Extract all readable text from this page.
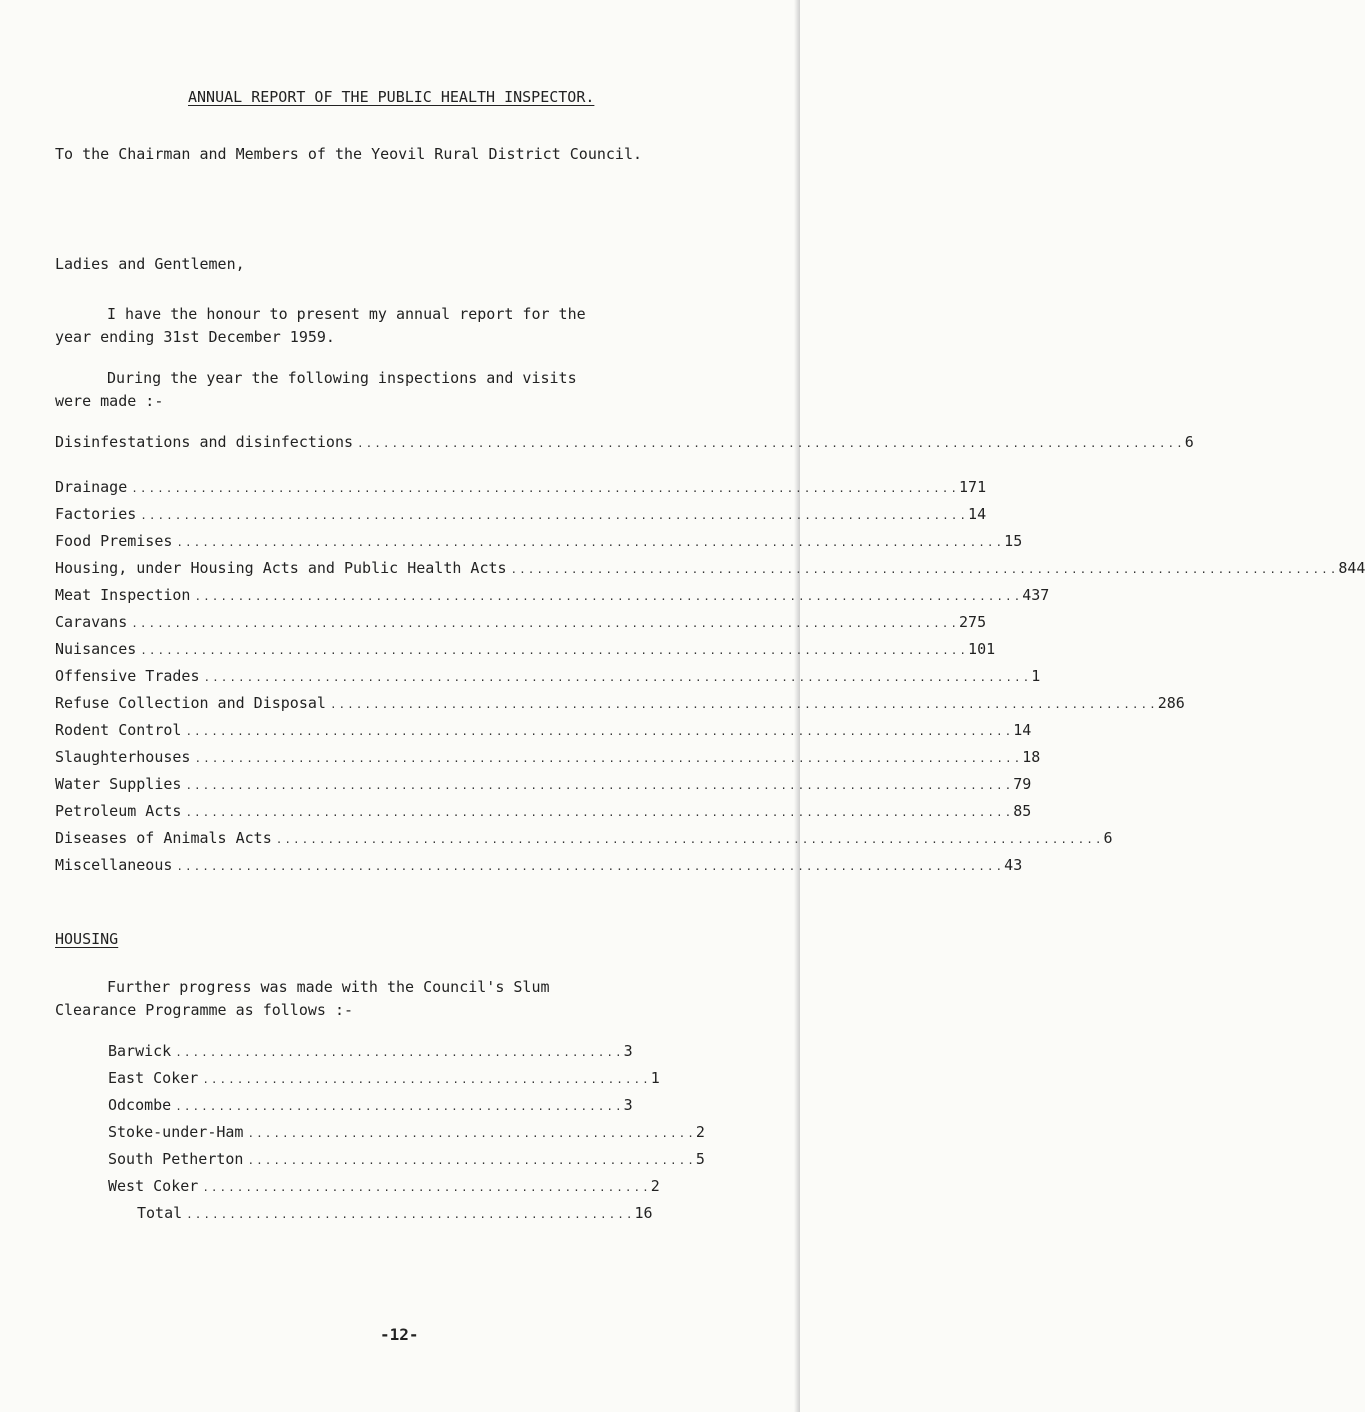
ANNUAL REPORT OF THE PUBLIC HEALTH INSPECTOR.
To the Chairman and Members of the Yeovil Rural District Council.
Ladies and Gentlemen,
I have the honour to present my annual report for the
year ending 31st December 1959.
During the year the following inspections and visits
were made :-
Disinfestations and disinfections ................................................................................................ 6
Drainage ................................................................................................ 171
Factories ................................................................................................ 14
Food Premises ................................................................................................ 15
Housing, under Housing Acts and Public Health Acts ................................................................................................ 844
Meat Inspection ................................................................................................ 437
Caravans ................................................................................................ 275
Nuisances ................................................................................................ 101
Offensive Trades ................................................................................................ 1
Refuse Collection and Disposal ................................................................................................ 286
Rodent Control ................................................................................................ 14
Slaughterhouses ................................................................................................ 18
Water Supplies ................................................................................................ 79
Petroleum Acts ................................................................................................ 85
Diseases of Animals Acts ................................................................................................ 6
Miscellaneous ................................................................................................ 43
HOUSING
Further progress was made with the Council's Slum
Clearance Programme as follows :-
Barwick .................................................... 3
East Coker .................................................... 1
Odcombe .................................................... 3
Stoke-under-Ham .................................................... 2
South Petherton .................................................... 5
West Coker .................................................... 2
Total .................................................... 16
-12-
